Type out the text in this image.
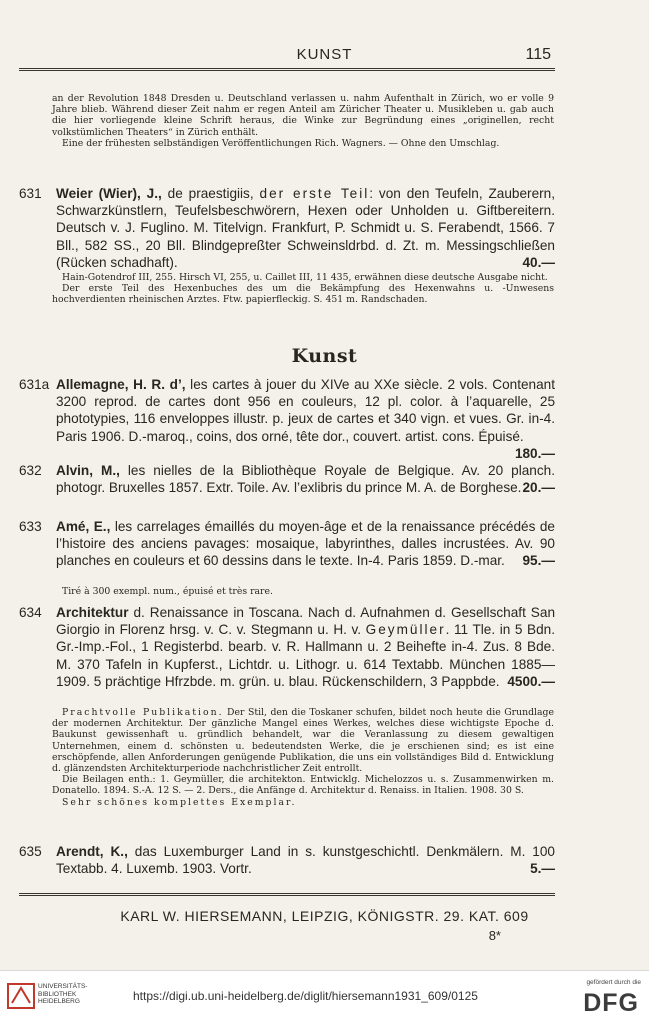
KUNST	115

an der Revolution 1848 Dresden u. Deutschland verlassen u. nahm Aufenthalt in Zürich, wo er volle 9 Jahre blieb. Während dieser Zeit nahm er regen Anteil am Züricher Theater u. Musikleben u. gab auch die hier vorliegende kleine Schrift heraus, die Winke zur Begründung eines „originellen, recht volkstümlichen Theaters“ in Zürich enthält.

Eine der frühesten selbständigen Veröffentlichungen Rich. Wagners. — Ohne den Umschlag.

631	Weier (Wier), J., de praestigiis, der erste Teil: von den Teufeln, Zauberern, Schwarzkünstlern, Teufelsbeschwörern, Hexen oder Unholden u. Giftbereitern. Deutsch v. J. Fuglino. M. Titelvign. Frankfurt, P. Schmidt u. S. Ferabendt, 1566. 7 Bll., 582 SS., 20 Bll. Blindgepreßter Schweinsldrbd. d. Zt. m. Messingschließen (Rücken schadhaft).	40.—

Hain-Gotendrof III, 255. Hirsch VI, 255, u. Caillet III, 11 435, erwähnen diese deutsche Ausgabe nicht.

Der erste Teil des Hexenbuches des um die Bekämpfung des Hexenwahns u. -Unwesens hochverdienten rheinischen Arztes. Ftw. papierfleckig. S. 451 m. Randschaden.

Kunst
631a Allemagne, H. R. d’, les cartes à jouer du XIVe au XXe siècle. 2 vols. Contenant 3200 reprod. de cartes dont 956 en couleurs, 12 pl. color. à l’aquarelle, 25 phototypies, 116 enveloppes illustr. p. jeux de cartes et 340 vign. et vues. Gr. in-4. Paris 1906. D.-maroq., coins, dos orné, tête dor., couvert. artist. cons. Épuisé.
180.—
632	Alvin, M., les nielles de la Bibliothèque Royale de Belgique. Av. 20 planch. photogr. Bruxelles 1857. Extr. Toile. Av. l’exlibris du prince M. A. de Borghese. 20.—
633	Amé, E., les carrelages émaillés du moyen-âge et de la renaissance précédés de l’histoire des anciens pavages: mosaique, labyrinthes, dalles incrustées. Av. 90 planches en couleurs et 60 dessins dans le texte. In-4. Paris 1859. D.-mar. 95.—

Tiré à 300 exempl. num., épuisé et très rare.

634	Architektur d. Renaissance in Toscana. Nach d. Aufnahmen d. Gesellschaft San Giorgio in Florenz hrsg. v. C. v. Stegmann u. H. v. Geymüller. 11 Tle. in 5 Bdn. Gr.-Imp.-Fol., 1 Registerbd. bearb. v. R. Hallmann u. 2 Beihefte in-4. Zus. 8 Bde. M. 370 Tafeln in Kupferst., Lichtdr. u. Lithogr. u. 614 Textabb. München 1885—1909. 5 prächtige Hfrzbde. m. grün. u. blau. Rückenschildern, 3 Pappbde. 4500.—

Prachtvolle Publikation. Der Stil, den die Toskaner schufen, bildet noch heute die Grundlage der modernen Architektur. Der gänzliche Mangel eines Werkes, welches diese wichtigste Epoche d. Baukunst gewissenhaft u. gründlich behandelt, war die Veranlassung zu diesem gewaltigen Unternehmen, einem d. schönsten u. bedeutendsten Werke, die je erschienen sind; es ist eine erschöpfende, allen Anforderungen genügende Publikation, die uns ein vollständiges Bild d. Entwicklung d. glänzendsten Architekturperiode nachchristlicher Zeit entrollt.

Die Beilagen enth.: 1. Geymüller, die architekton. Entwicklg. Michelozzos u. s. Zusammenwirken m. Donatello. 1894. S.-A. 12 S. — 2. Ders., die Anfänge d. Architektur d. Renaiss. in Italien. 1908. 30 S.

Sehr schönes komplettes Exemplar.

635	Arendt, K., das Luxemburger Land in s. kunstgeschichtl. Denkmälern. M. 100 Textabb. 4. Luxemb. 1903. Vortr.	5.—
KARL W. HIERSEMANN, LEIPZIG, KÖNIGSTR. 29. KAT. 609
8*
UNIVERSITÄTS-
BIBLIOTHEK
HEIDELBERG	https://digi.ub.uni-heidelberg.de/diglit/hiersemann1931_609/0125
gefördert durch die
DFG
